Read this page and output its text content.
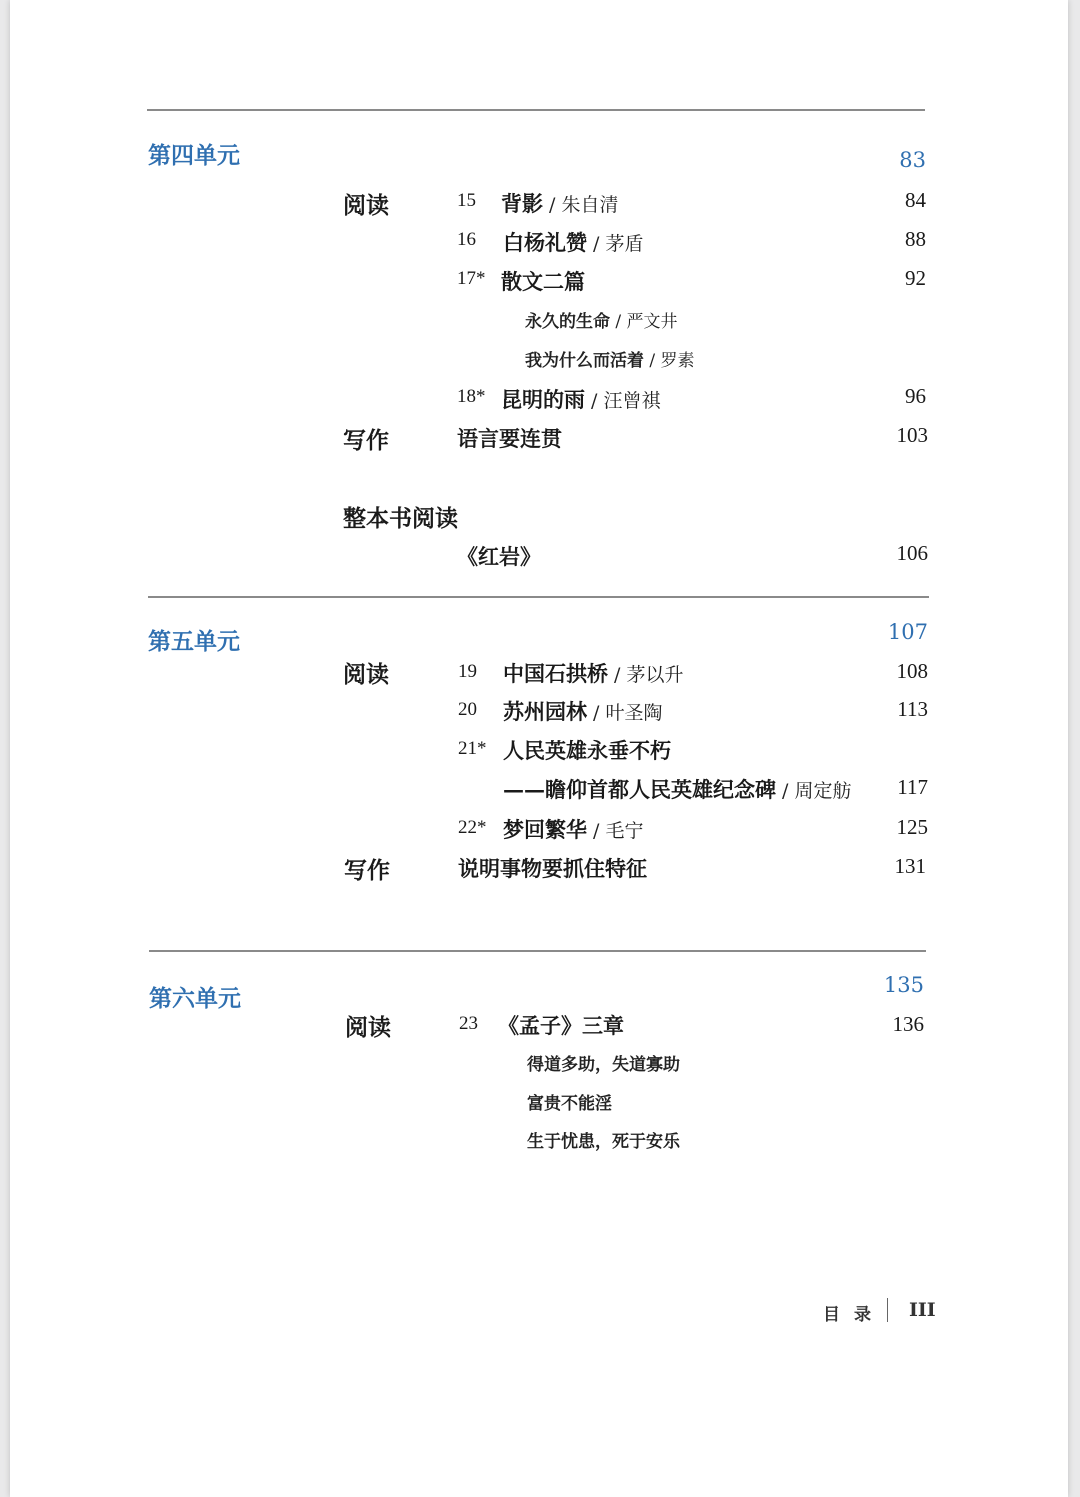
第四单元	83
阅读	15 背影 / 朱自清	84
16 白杨礼赞 / 茅盾	88
17* 散文二篇	92
永久的生命 / 严文井
我为什么而活着 / 罗素
18* 昆明的雨 / 汪曾祺	96
写作	语言要连贯	103
整本书阅读
《红岩》	106
第五单元	107
阅读	19 中国石拱桥 / 茅以升	108
20 苏州园林 / 叶圣陶	113
21* 人民英雄永垂不朽
——瞻仰首都人民英雄纪念碑 / 周定舫	117
22* 梦回繁华 / 毛宁	125
写作	说明事物要抓住特征	131
第六单元	135
阅读	23 《孟子》三章	136
得道多助，失道寡助
富贵不能淫
生于忧患，死于安乐
目录 III
